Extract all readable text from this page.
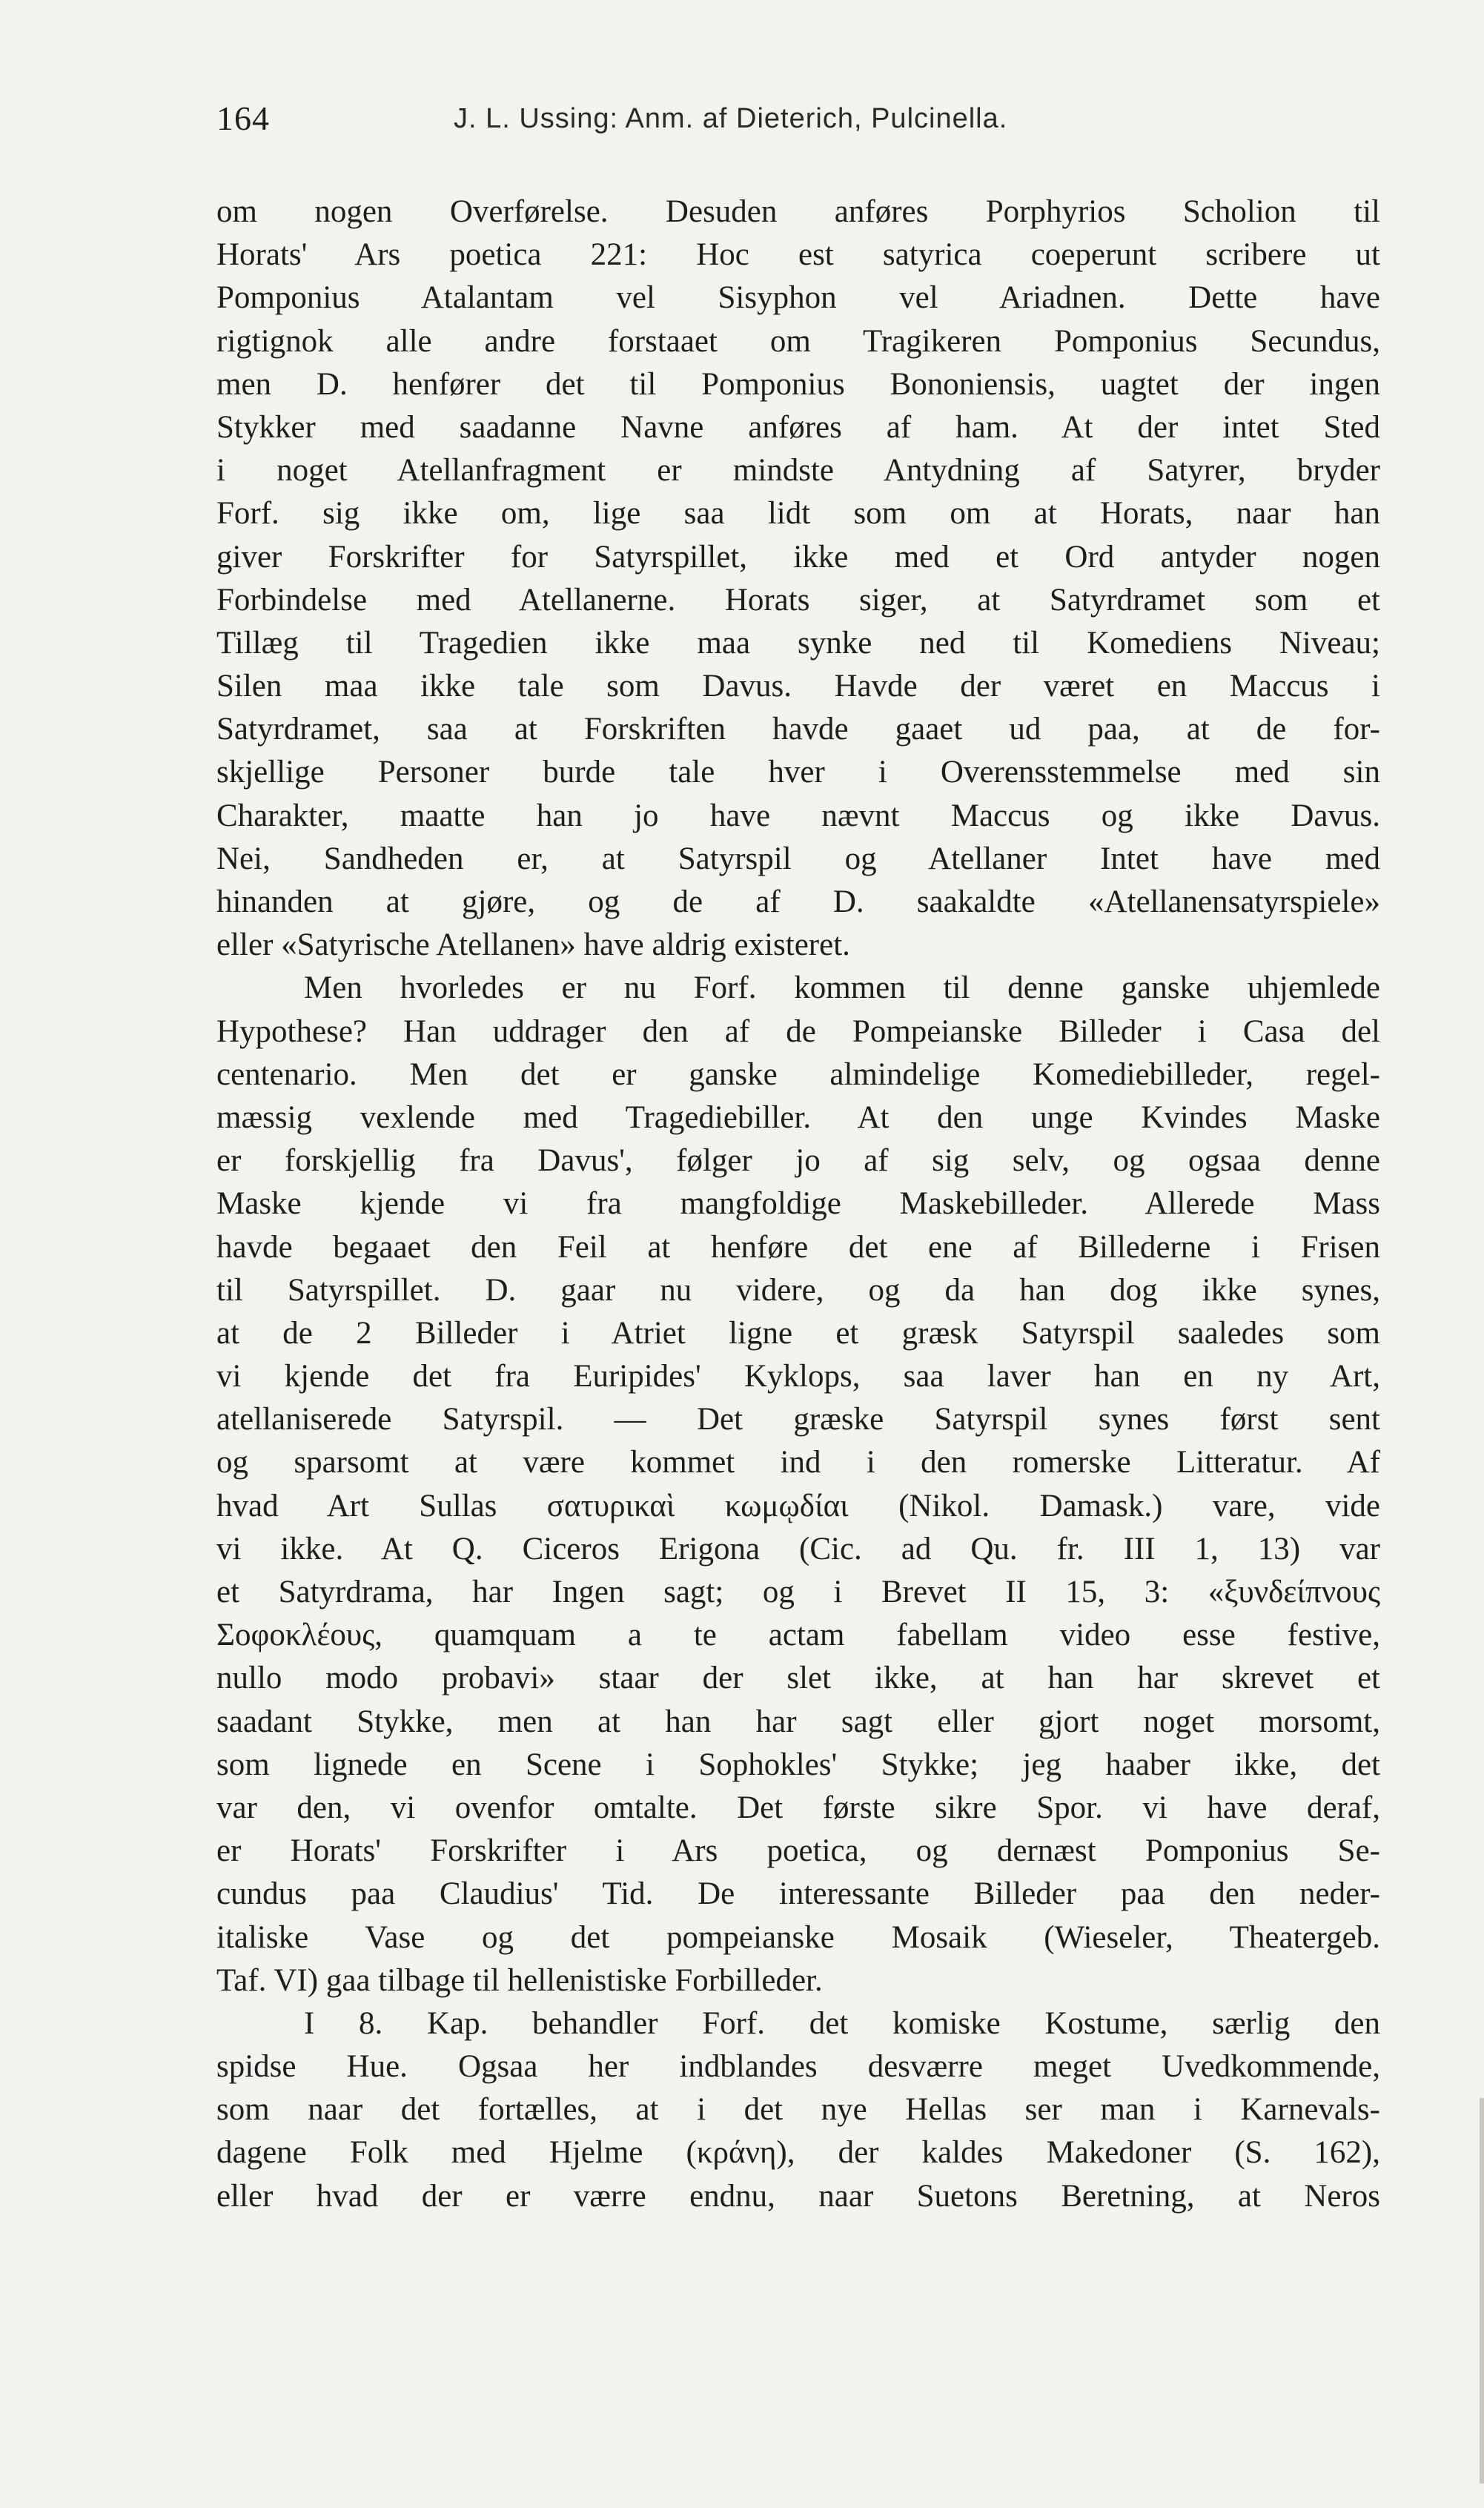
164	J. L. Ussing: Anm. af Dieterich, Pulcinella.
om nogen Overførelse. Desuden anføres Porphyrios Scholion til
Horats' Ars poetica 221: Hoc est satyrica coeperunt scribere ut
Pomponius Atalantam vel Sisyphon vel Ariadnen. Dette have
rigtignok alle andre forstaaet om Tragikeren Pomponius Secundus,
men D. henfører det til Pomponius Bononiensis, uagtet der ingen
Stykker med saadanne Navne anføres af ham. At der intet Sted
i noget Atellanfragment er mindste Antydning af Satyrer, bryder
Forf. sig ikke om, lige saa lidt som om at Horats, naar han
giver Forskrifter for Satyrspillet, ikke med et Ord antyder nogen
Forbindelse med Atellanerne. Horats siger, at Satyrdramet som et
Tillæg til Tragedien ikke maa synke ned til Komediens Niveau;
Silen maa ikke tale som Davus. Havde der været en Maccus i
Satyrdramet, saa at Forskriften havde gaaet ud paa, at de for-
skjellige Personer burde tale hver i Overensstemmelse med sin
Charakter, maatte han jo have nævnt Maccus og ikke Davus.
Nei, Sandheden er, at Satyrspil og Atellaner Intet have med
hinanden at gjøre, og de af D. saakaldte «Atellanensatyrspiele»
eller «Satyrische Atellanen» have aldrig existeret.
Men hvorledes er nu Forf. kommen til denne ganske uhjemlede
Hypothese? Han uddrager den af de Pompeianske Billeder i Casa del
centenario. Men det er ganske almindelige Komediebilleder, regel-
mæssig vexlende med Tragediebiller. At den unge Kvindes Maske
er forskjellig fra Davus', følger jo af sig selv, og ogsaa denne
Maske kjende vi fra mangfoldige Maskebilleder. Allerede Mass
havde begaaet den Feil at henføre det ene af Billederne i Frisen
til Satyrspillet. D. gaar nu videre, og da han dog ikke synes,
at de 2 Billeder i Atriet ligne et græsk Satyrspil saaledes som
vi kjende det fra Euripides' Kyklops, saa laver han en ny Art,
atellaniserede Satyrspil. — Det græske Satyrspil synes først sent
og sparsomt at være kommet ind i den romerske Litteratur. Af
hvad Art Sullas σατυρικαὶ κωμῳδίαι (Nikol. Damask.) vare, vide
vi ikke. At Q. Ciceros Erigona (Cic. ad Qu. fr. III 1, 13) var
et Satyrdrama, har Ingen sagt; og i Brevet II 15, 3: «ξυνδείπνους
Σοφοκλέους, quamquam a te actam fabellam video esse festive,
nullo modo probavi» staar der slet ikke, at han har skrevet et
saadant Stykke, men at han har sagt eller gjort noget morsomt,
som lignede en Scene i Sophokles' Stykke; jeg haaber ikke, det
var den, vi ovenfor omtalte. Det første sikre Spor. vi have deraf,
er Horats' Forskrifter i Ars poetica, og dernæst Pomponius Se-
cundus paa Claudius' Tid. De interessante Billeder paa den neder-
italiske Vase og det pompeianske Mosaik (Wieseler, Theatergeb.
Taf. VI) gaa tilbage til hellenistiske Forbilleder.
I 8. Kap. behandler Forf. det komiske Kostume, særlig den
spidse Hue. Ogsaa her indblandes desværre meget Uvedkommende,
som naar det fortælles, at i det nye Hellas ser man i Karnevals-
dagene Folk med Hjelme (κράνη), der kaldes Makedoner (S. 162),
eller hvad der er værre endnu, naar Suetons Beretning, at Neros
